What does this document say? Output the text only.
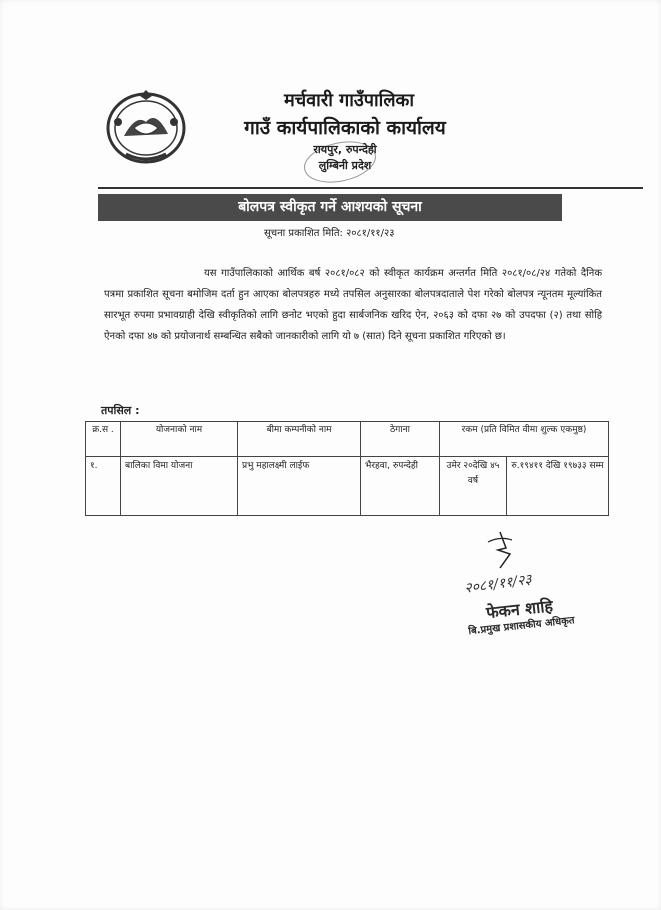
मर्चवारी गाउँपालिका
गाउँ कार्यपालिकाको कार्यालय
रायपुर, रुपन्देही
लुम्बिनी प्रदेश
बोलपत्र स्वीकृत गर्ने आशयको सूचना
सूचना प्रकाशित मिति: २०८१/११/२३

यस गाउँपालिकाको आर्थिक बर्ष २०८१/०८२ को स्वीकृत कार्यक्रम अन्तर्गत मिति २०८१/०८/२४ गतेको दैनिक पत्रमा प्रकाशित सूचना बमोजिम दर्ता हुन आएका बोलपत्रहरु मध्ये तपसिल अनुसारका बोलपत्रदाताले पेश गरेको बोलपत्र न्यूनतम मूल्यांकित सारभूत रुपमा प्रभावग्राही देखि स्वीकृतिको लागि छनोट भएको हुदा सार्बजनिक खरिद ऐन, २०६३ को दफा २७ को उपदफा (२) तथा सोहि ऐनको दफा ४७ को प्रयोजनार्थ सम्बन्धित सबैको जानकारीको लागि यो ७ (सात) दिने सूचना प्रकाशित गरिएको छ।

तपसिल :
क्र.स .	योजनाको नाम	बीमा कम्पनीको नाम	ठेगाना	रकम (प्रति विमित वीमा शुल्क एकमुष्ठ)	
१.	बालिका विमा योजना	प्रभु महालक्ष्मी लाईफ	भैरहवा, रुपन्देही	उमेर २०देखि ४५ वर्ष	रु.१९४११ देखि १९७३३ सम्म
२०८१/११/२३
फेकन शाहि
बि.प्रमुख प्रशासकीय अधिकृत
